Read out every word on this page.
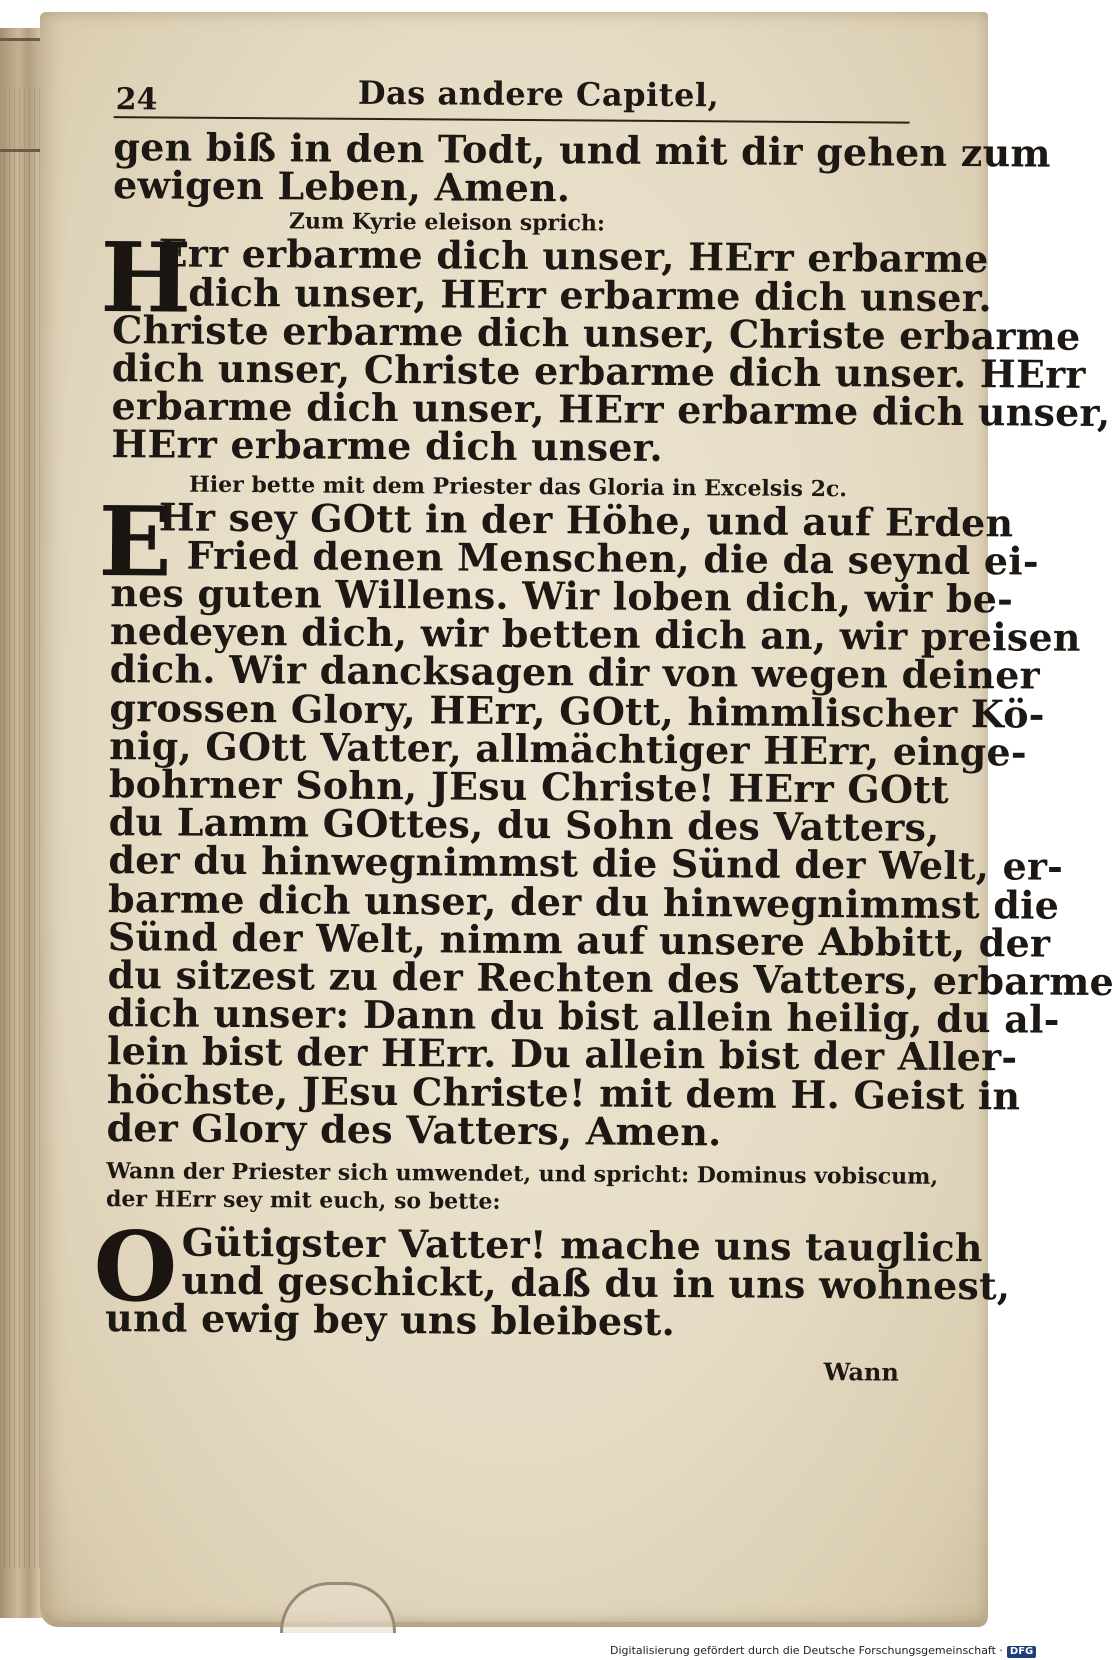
24	Das andere Capitel,
gen biß in den Todt, und mit dir gehen zum
ewigen Leben, Amen.
Zum Kyrie eleison sprich:
H
Err erbarme dich unser, HErr erbarme
dich unser, HErr erbarme dich unser.
Christe erbarme dich unser, Christe erbarme
dich unser, Christe erbarme dich unser. HErr
erbarme dich unser, HErr erbarme dich unser,
HErr erbarme dich unser.
Hier bette mit dem Priester das Gloria in Excelsis 2c.
E
Hr sey GOtt in der Höhe, und auf Erden
Fried denen Menschen, die da seynd ei-
nes guten Willens. Wir loben dich, wir be-
nedeyen dich, wir betten dich an, wir preisen
dich. Wir dancksagen dir von wegen deiner
grossen Glory, HErr, GOtt, himmlischer Kö-
nig, GOtt Vatter, allmächtiger HErr, einge-
bohrner Sohn, JEsu Christe! HErr GOtt
du Lamm GOttes, du Sohn des Vatters,
der du hinwegnimmst die Sünd der Welt, er-
barme dich unser, der du hinwegnimmst die
Sünd der Welt, nimm auf unsere Abbitt, der
du sitzest zu der Rechten des Vatters, erbarme
dich unser: Dann du bist allein heilig, du al-
lein bist der HErr. Du allein bist der Aller-
höchste, JEsu Christe! mit dem H. Geist in
der Glory des Vatters, Amen.
Wann der Priester sich umwendet, und spricht: Dominus vobiscum,
der HErr sey mit euch, so bette:
O Gütigster Vatter! mache uns tauglich
und geschickt, daß du in uns wohnest,
und ewig bey uns bleibest.
Wann
Digitalisierung gefördert durch die Deutsche Forschungsgemeinschaft · DFG
